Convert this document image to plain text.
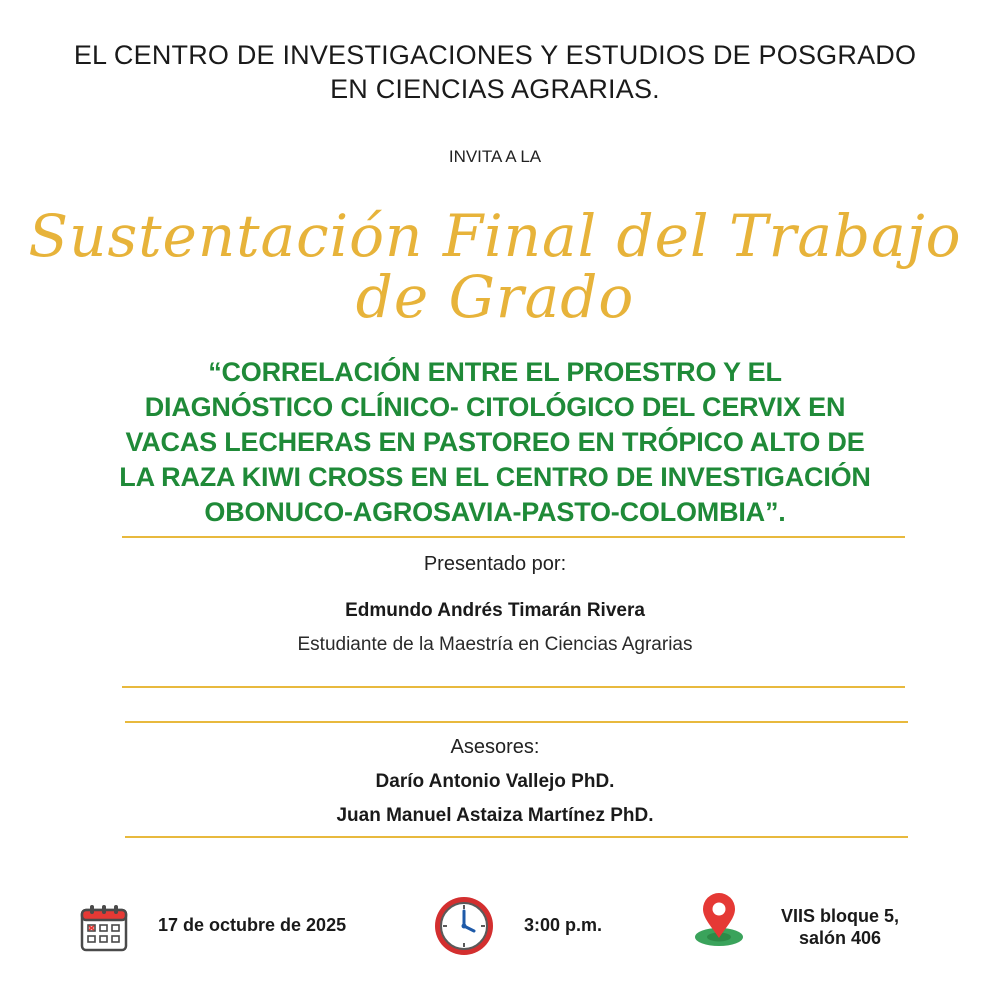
EL CENTRO DE INVESTIGACIONES Y ESTUDIOS DE POSGRADO
EN CIENCIAS AGRARIAS.
INVITA A LA
Sustentación Final del Trabajo
de Grado
“CORRELACIÓN ENTRE EL PROESTRO Y EL
DIAGNÓSTICO CLÍNICO- CITOLÓGICO DEL CERVIX EN
VACAS LECHERAS EN PASTOREO EN TRÓPICO ALTO DE
LA RAZA KIWI CROSS EN EL CENTRO DE INVESTIGACIÓN
OBONUCO-AGROSAVIA-PASTO-COLOMBIA”.
Presentado por:
Edmundo Andrés Timarán Rivera
Estudiante de la Maestría en Ciencias Agrarias
Asesores:
Darío Antonio Vallejo PhD.
Juan Manuel Astaiza Martínez PhD.
17 de octubre de 2025	3:00 p.m.	VIIS bloque 5,
salón 406
